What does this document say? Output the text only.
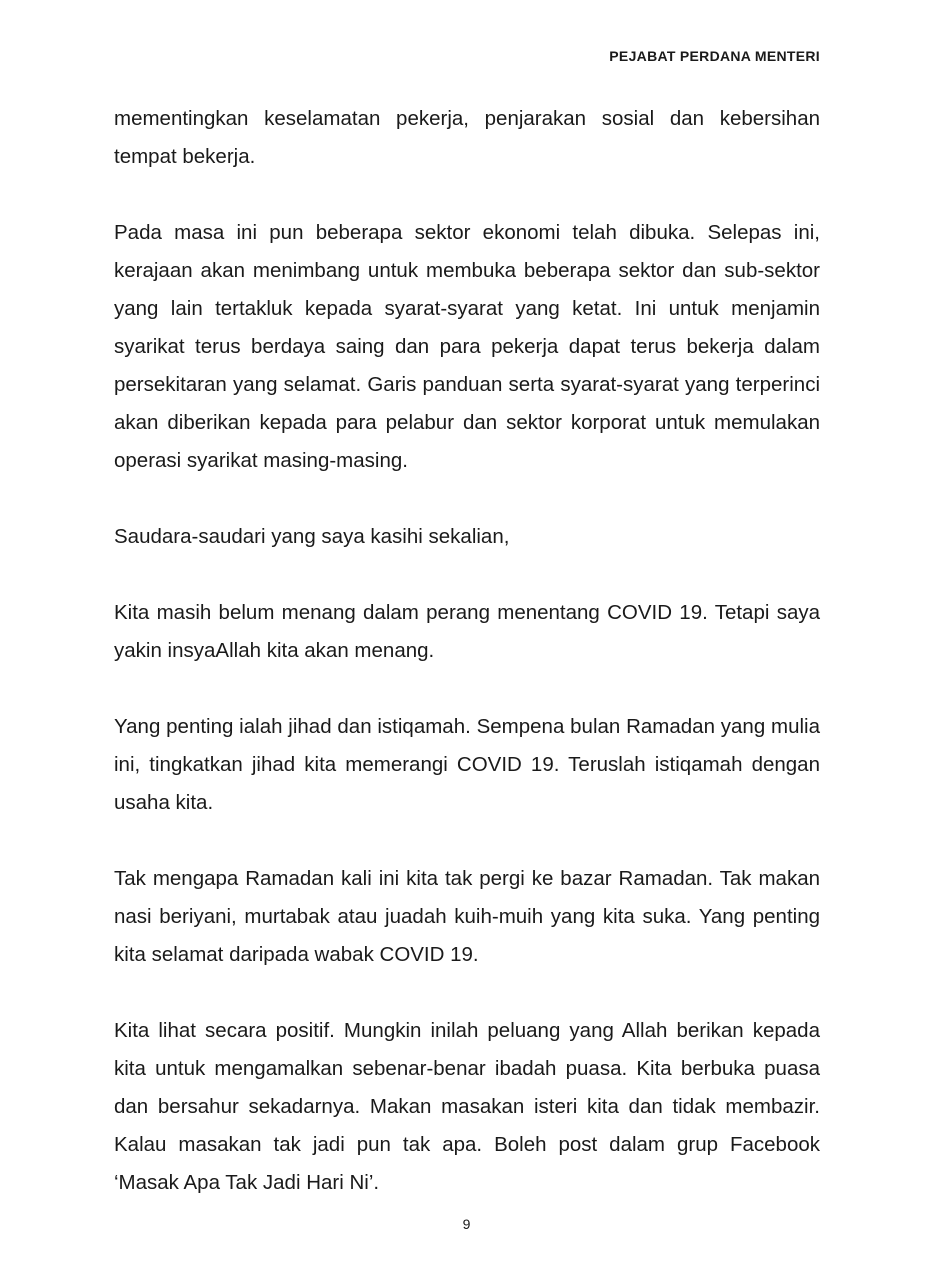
PEJABAT PERDANA MENTERI

mementingkan keselamatan pekerja, penjarakan sosial dan kebersihan tempat bekerja.

Pada masa ini pun beberapa sektor ekonomi telah dibuka. Selepas ini, kerajaan akan menimbang untuk membuka beberapa sektor dan sub-sektor yang lain tertakluk kepada syarat-syarat yang ketat. Ini untuk menjamin syarikat terus berdaya saing dan para pekerja dapat terus bekerja dalam persekitaran yang selamat. Garis panduan serta syarat-syarat yang terperinci akan diberikan kepada para pelabur dan sektor korporat untuk memulakan operasi syarikat masing-masing.

Saudara-saudari yang saya kasihi sekalian,

Kita masih belum menang dalam perang menentang COVID 19. Tetapi saya yakin insyaAllah kita akan menang.

Yang penting ialah jihad dan istiqamah. Sempena bulan Ramadan yang mulia ini, tingkatkan jihad kita memerangi COVID 19. Teruslah istiqamah dengan usaha kita.

Tak mengapa Ramadan kali ini kita tak pergi ke bazar Ramadan. Tak makan nasi beriyani, murtabak atau juadah kuih-muih yang kita suka. Yang penting kita selamat daripada wabak COVID 19.

Kita lihat secara positif. Mungkin inilah peluang yang Allah berikan kepada kita untuk mengamalkan sebenar-benar ibadah puasa. Kita berbuka puasa dan bersahur sekadarnya. Makan masakan isteri kita dan tidak membazir. Kalau masakan tak jadi pun tak apa. Boleh post dalam grup Facebook ‘Masak Apa Tak Jadi Hari Ni’.

9
